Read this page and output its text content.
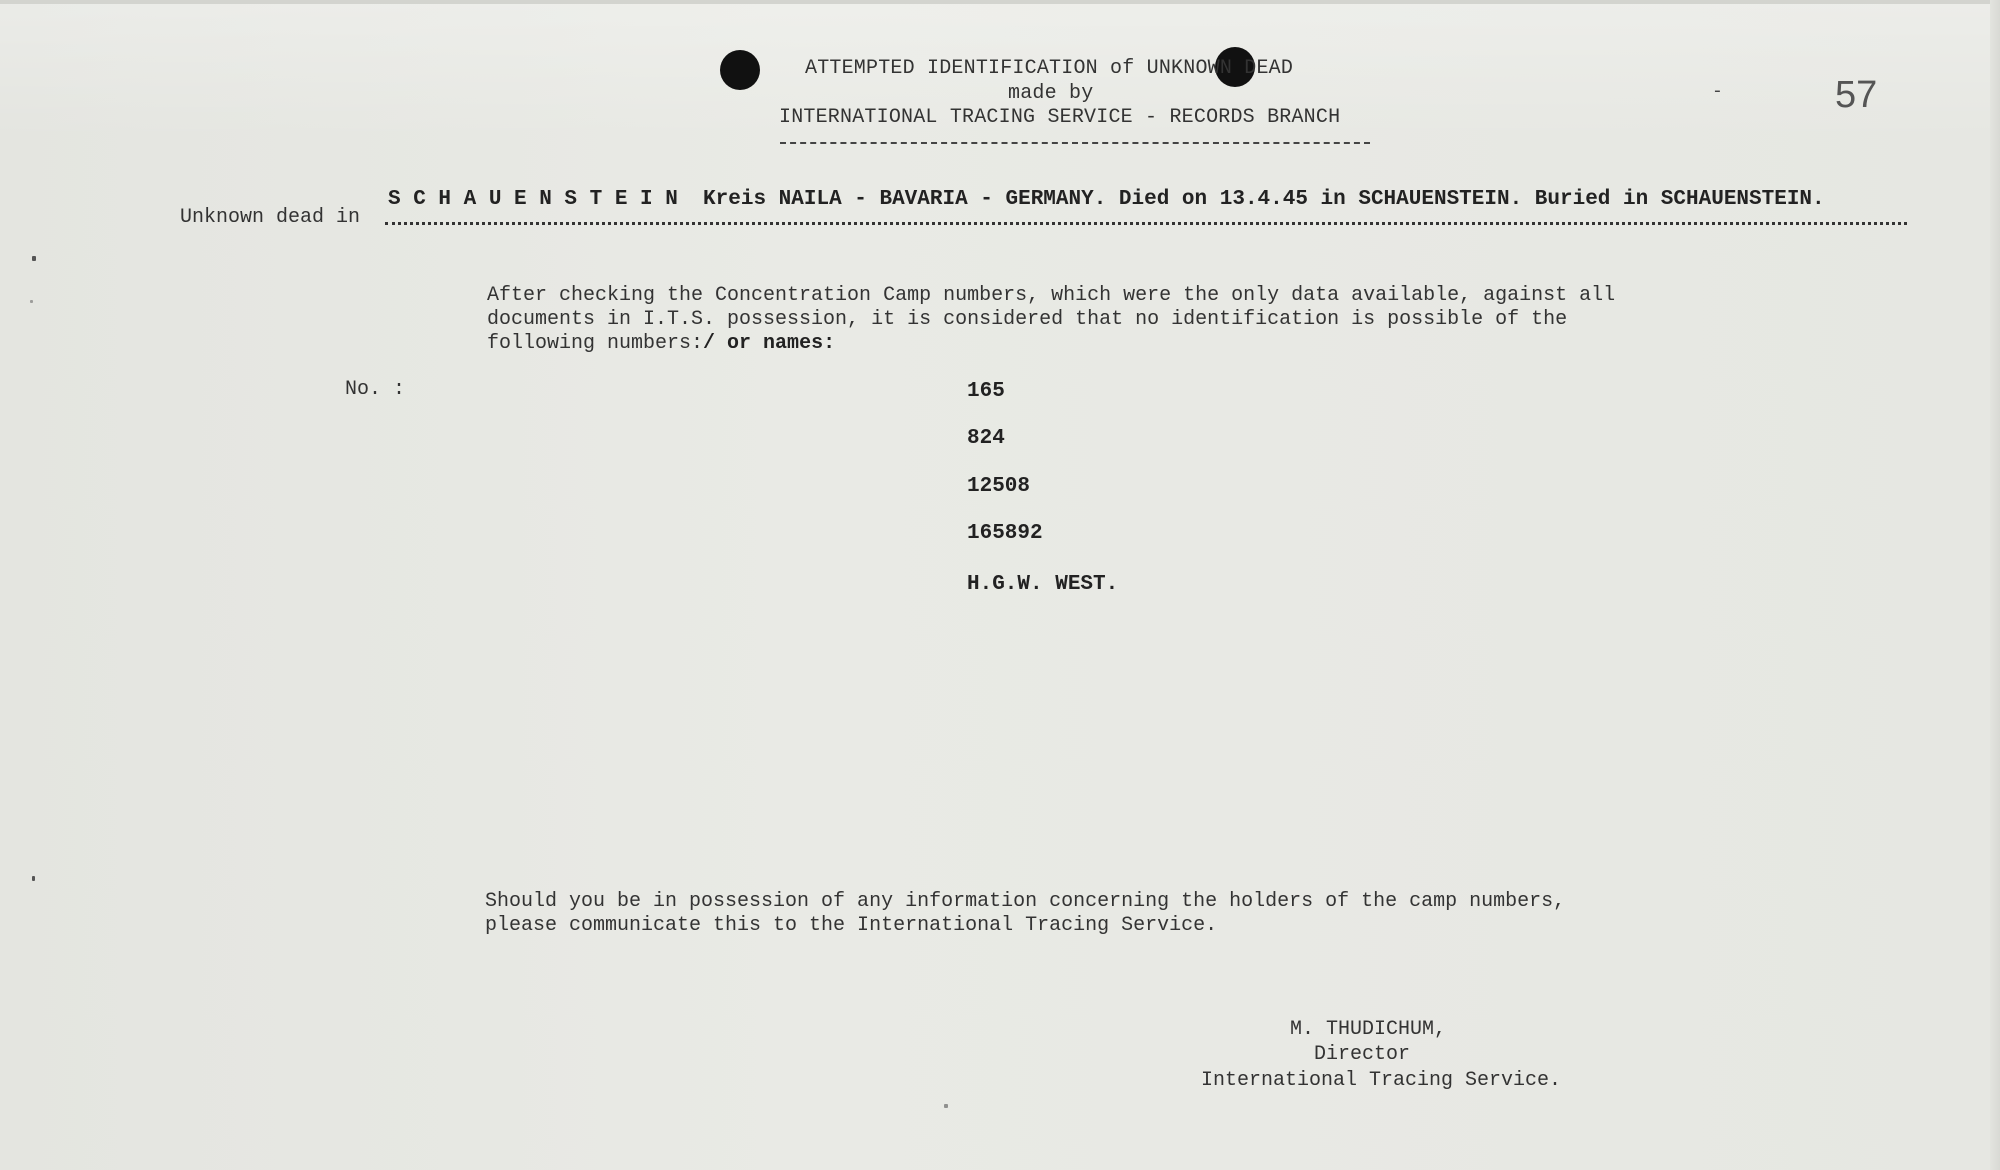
ATTEMPTED IDENTIFICATION of UNKNOWN DEAD
made by
INTERNATIONAL TRACING SERVICE - RECORDS BRANCH
-	57
Unknown dead in
S C H A U E N S T E I N  Kreis NAILA - BAVARIA - GERMANY. Died on 13.4.45 in SCHAUENSTEIN. Buried in SCHAUENSTEIN.
After checking the Concentration Camp numbers, which were the only data available, against all
documents in I.T.S. possession, it is considered that no identification is possible of the
following numbers:/ or names:
No. :	165
824
12508
165892
H.G.W. WEST.
Should you be in possession of any information concerning the holders of the camp numbers,
please communicate this to the International Tracing Service.
M. THUDICHUM,
Director
International Tracing Service.
